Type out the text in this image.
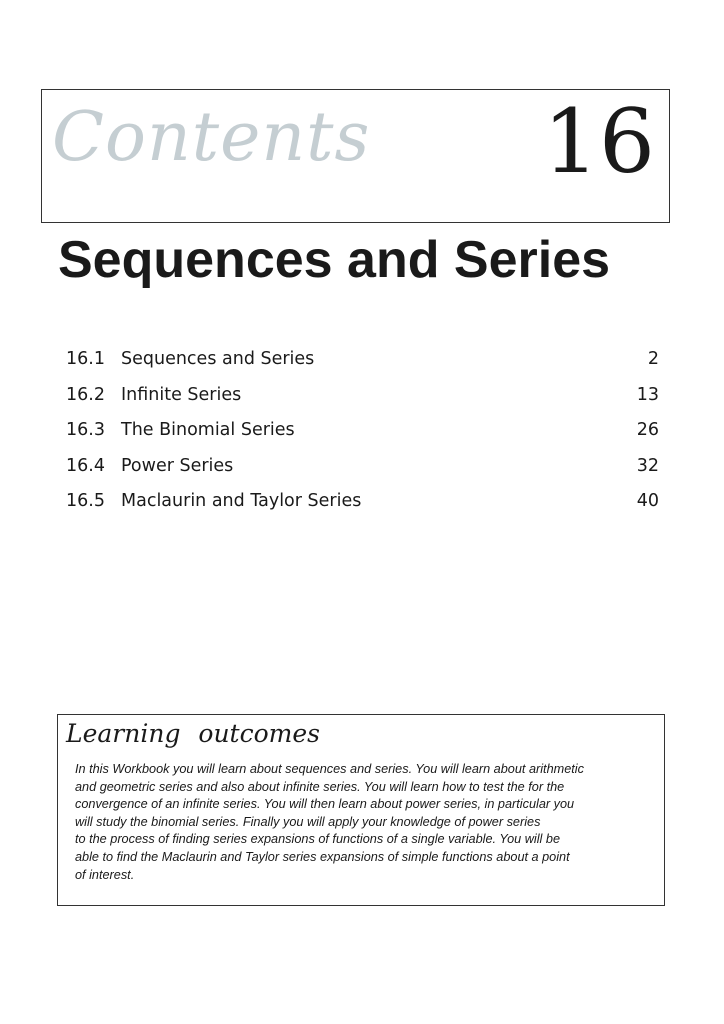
Contents 16
Sequences and Series
16.1 Sequences and Series	2
16.2 Infinite Series	13
16.3 The Binomial Series	26
16.4 Power Series	32
16.5 Maclaurin and Taylor Series	40
Learning outcomes

In this Workbook you will learn about sequences and series. You will learn about arithmetic
and geometric series and also about infinite series. You will learn how to test the for the
convergence of an infinite series. You will then learn about power series, in particular you
will study the binomial series. Finally you will apply your knowledge of power series
to the process of finding series expansions of functions of a single variable. You will be
able to find the Maclaurin and Taylor series expansions of simple functions about a point
of interest.
